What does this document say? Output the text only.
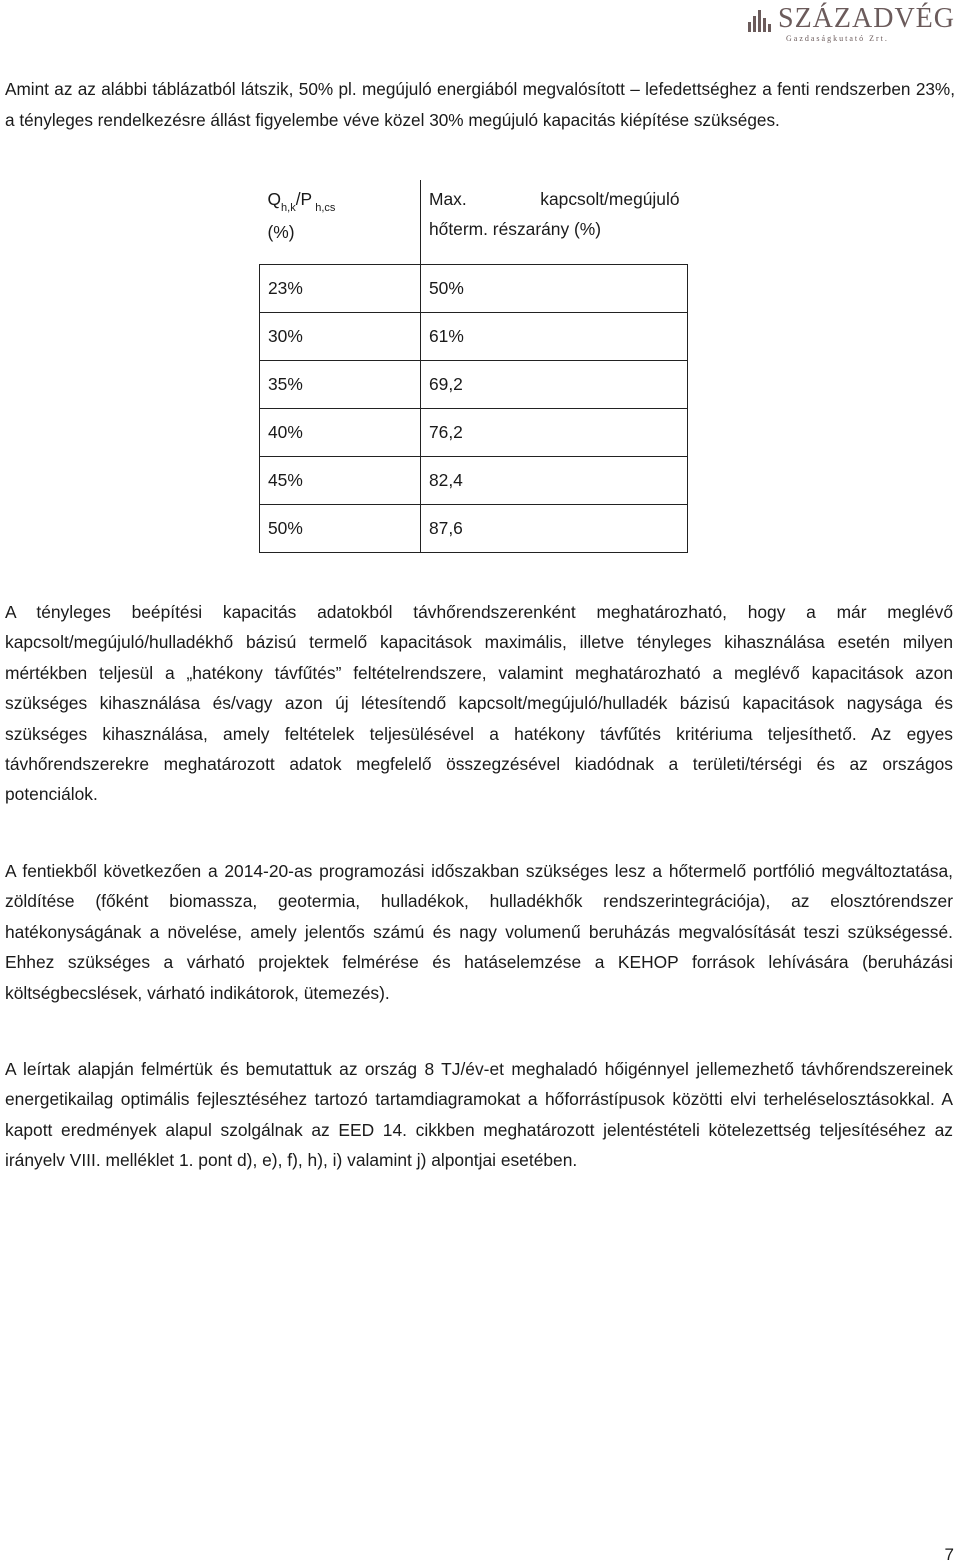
SZÁZADVÉG
Gazdaságkutató Zrt.

Amint az az alábbi táblázatból látszik, 50% pl. megújuló energiából megvalósított – lefedettséghez a fenti rendszerben 23%, a tényleges rendelkezésre állást figyelembe véve közel 30% megújuló kapacitás kiépítése szükséges.

$Q_{h,k}/P$ $_{h,cs}$
(%)	Max. kapcsolt/megújuló
hőterm. részarány (%)

23%	50%
30%	61%
35%	69,2
40%	76,2
45%	82,4
50%	87,6

A tényleges beépítési kapacitás adatokból távhőrendszerenként meghatározható, hogy a már meglévő kapcsolt/megújuló/hulladékhő bázisú termelő kapacitások maximális, illetve tényleges kihasználása esetén milyen mértékben teljesül a „hatékony távfűtés” feltételrendszere, valamint meghatározható a meglévő kapacitások azon szükséges kihasználása és/vagy azon új létesítendő kapcsolt/megújuló/hulladék bázisú kapacitások nagysága és szükséges kihasználása, amely feltételek teljesülésével a hatékony távfűtés kritériuma teljesíthető. Az egyes távhőrendszerekre meghatározott adatok megfelelő összegzésével kiadódnak a területi/térségi és az országos potenciálok.

A fentiekből következően a 2014-20-as programozási időszakban szükséges lesz a hőtermelő portfólió megváltoztatása, zöldítése (főként biomassza, geotermia, hulladékok, hulladékhők rendszerintegrációja), az elosztórendszer hatékonyságának a növelése, amely jelentős számú és nagy volumenű beruházás megvalósítását teszi szükségessé. Ehhez szükséges a várható projektek felmérése és hatáselemzése a KEHOP források lehívására (beruházási költségbecslések, várható indikátorok, ütemezés).

A leírtak alapján felmértük és bemutattuk az ország 8 TJ/év-et meghaladó hőigénnyel jellemezhető távhőrendszereinek energetikailag optimális fejlesztéséhez tartozó tartamdiagramokat a hőforrástípusok közötti elvi terheléselosztásokkal. A kapott eredmények alapul szolgálnak az EED 14. cikkben meghatározott jelentéstételi kötelezettség teljesítéséhez az irányelv VIII. melléklet 1. pont d), e), f), h), i) valamint j) alpontjai esetében.

7
